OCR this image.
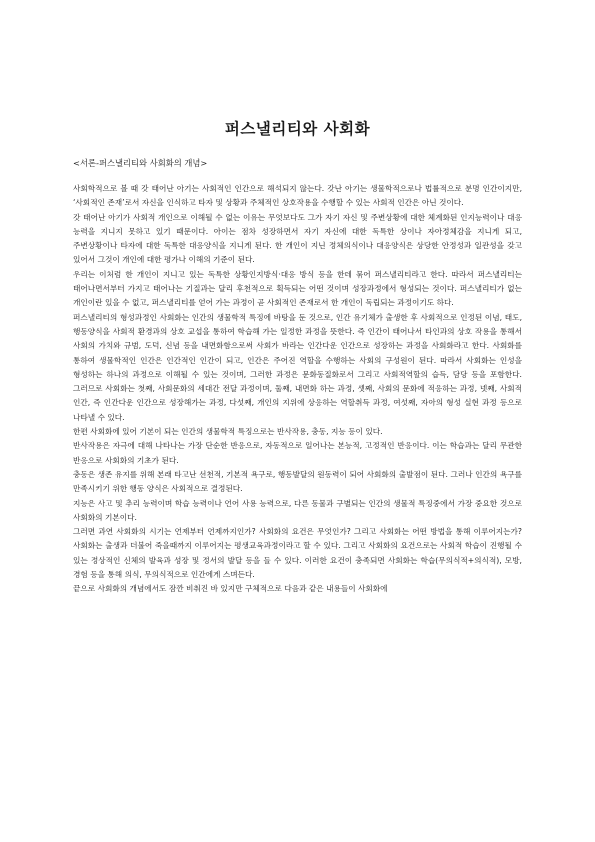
퍼스낼리티와 사회화

<서론-퍼스낼리티와 사회화의 개념>

사회학적으로 볼 때 갓 태어난 아기는 사회적인 인간으로 해석되지 않는다. 갓난 아기는 생물학적으로나 법률적으로 분명 인간이지만, ‘사회적인 존재’로서 자신을 인식하고 타자 및 상황과 주체적인 상호작용을 수행할 수 있는 사회적 인간은 아닌 것이다.

갓 태어난 아기가 사회적 개인으로 이해될 수 없는 이유는 무엇보다도 그가 자기 자신 및 주변상황에 대한 체계화된 인지능력이나 대응 능력을 지니지 못하고 있기 때문이다. 아이는 점차 성장하면서 자기 자신에 대한 독특한 상이나 자아정체감을 지니게 되고, 주변상황이나 타자에 대한 독특한 대응양식을 지니게 된다. 한 개인이 지닌 정체의식이나 대응양식은 상당한 안정성과 일관성을 갖고 있어서 그것이 개인에 대한 평가나 이해의 기준이 된다.

우리는 이처럼 한 개인이 지니고 있는 독특한 상황인지방식·대응 방식 등을 한데 묶어 퍼스낼리티라고 한다. 따라서 퍼스낼리티는 태어나면서부터 가지고 태어나는 기질과는 달리 후천적으로 획득되는 어떤 것이며 성장과정에서 형성되는 것이다. 퍼스낼리티가 없는 개인이란 있을 수 없고, 퍼스낼리티를 얻어 가는 과정이 곧 사회적인 존재로서 한 개인이 독립되는 과정이기도 하다.

퍼스낼리티의 형성과정인 사회화는 인간의 생물학적 특징에 바탕을 둔 것으로, 인간 유기체가 출생한 후 사회적으로 인정된 이념, 태도, 행동양식을 사회적 환경과의 상호 교섭을 통하여 학습해 가는 일정한 과정을 뜻한다. 즉 인간이 태어나서 타인과의 상호 작용을 통해서 사회의 가치와 규범, 도덕, 신념 등을 내면화함으로써 사회가 바라는 인간다운 인간으로 성장하는 과정을 사회화라고 한다. 사회화를 통하여 생물학적인 인간은 인간적인 인간이 되고, 인간은 주어진 역할을 수행하는 사회의 구성원이 된다. 따라서 사회화는 인성을 형성하는 하나의 과정으로 이해될 수 있는 것이며, 그러한 과정은 문화동질화로서 그리고 사회적역할의 습득, 담당 등을 포함한다. 그러므로 사회화는 첫째, 사회문화의 세대간 전달 과정이며, 둘째, 내면화 하는 과정, 셋째, 사회의 문화에 적응하는 과정, 넷째, 사회적 인간, 즉 인간다운 인간으로 성장해가는 과정, 다섯째, 개인의 지위에 상응하는 역할취득 과정, 여섯째, 자아의 형성 실현 과정 등으로 나타낼 수 있다.

한편 사회화에 있어 기본이 되는 인간의 생물학적 특징으로는 반사작용, 충동, 지능 등이 있다.

반사작용은 자극에 대해 나타나는 가장 단순한 반응으로, 자동적으로 일어나는 본능적, 고정적인 반응이다. 이는 학습과는 달리 무관한 반응으로 사회화의 기초가 된다.

충동은 생존 유지를 위해 본래 타고난 선천적, 기본적 욕구로, 행동발달의 원동력이 되어 사회화의 출발점이 된다. 그러나 인간의 욕구를 만족시키기 위한 행동 양식은 사회적으로 결정된다.

지능은 사고 및 추리 능력이며 학습 능력이나 언어 사용 능력으로, 다른 동물과 구별되는 인간의 생물적 특징중에서 가장 중요한 것으로 사회화의 기본이다.

그러면 과연 사회화의 시기는 언제부터 언제까지인가? 사회화의 요건은 무엇인가? 그리고 사회화는 어떤 방법을 통해 이루어지는가? 사회화는 출생과 더불어 죽을때까지 이루어지는 평생교육과정이라고 할 수 있다. 그리고 사회화의 요건으로는 사회적 학습이 진행될 수 있는 정상적인 신체의 발육과 성장 및 정서의 발달 등을 들 수 있다. 이러한 요건이 충족되면 사회화는 학습(무의식적+의식적), 모방, 경험 등을 통해 의식, 무의식적으로 인간에게 스며든다.

끝으로 사회화의 개념에서도 잠깐 비춰진 바 있지만 구체적으로 다음과 같은 내용들이 사회화에
